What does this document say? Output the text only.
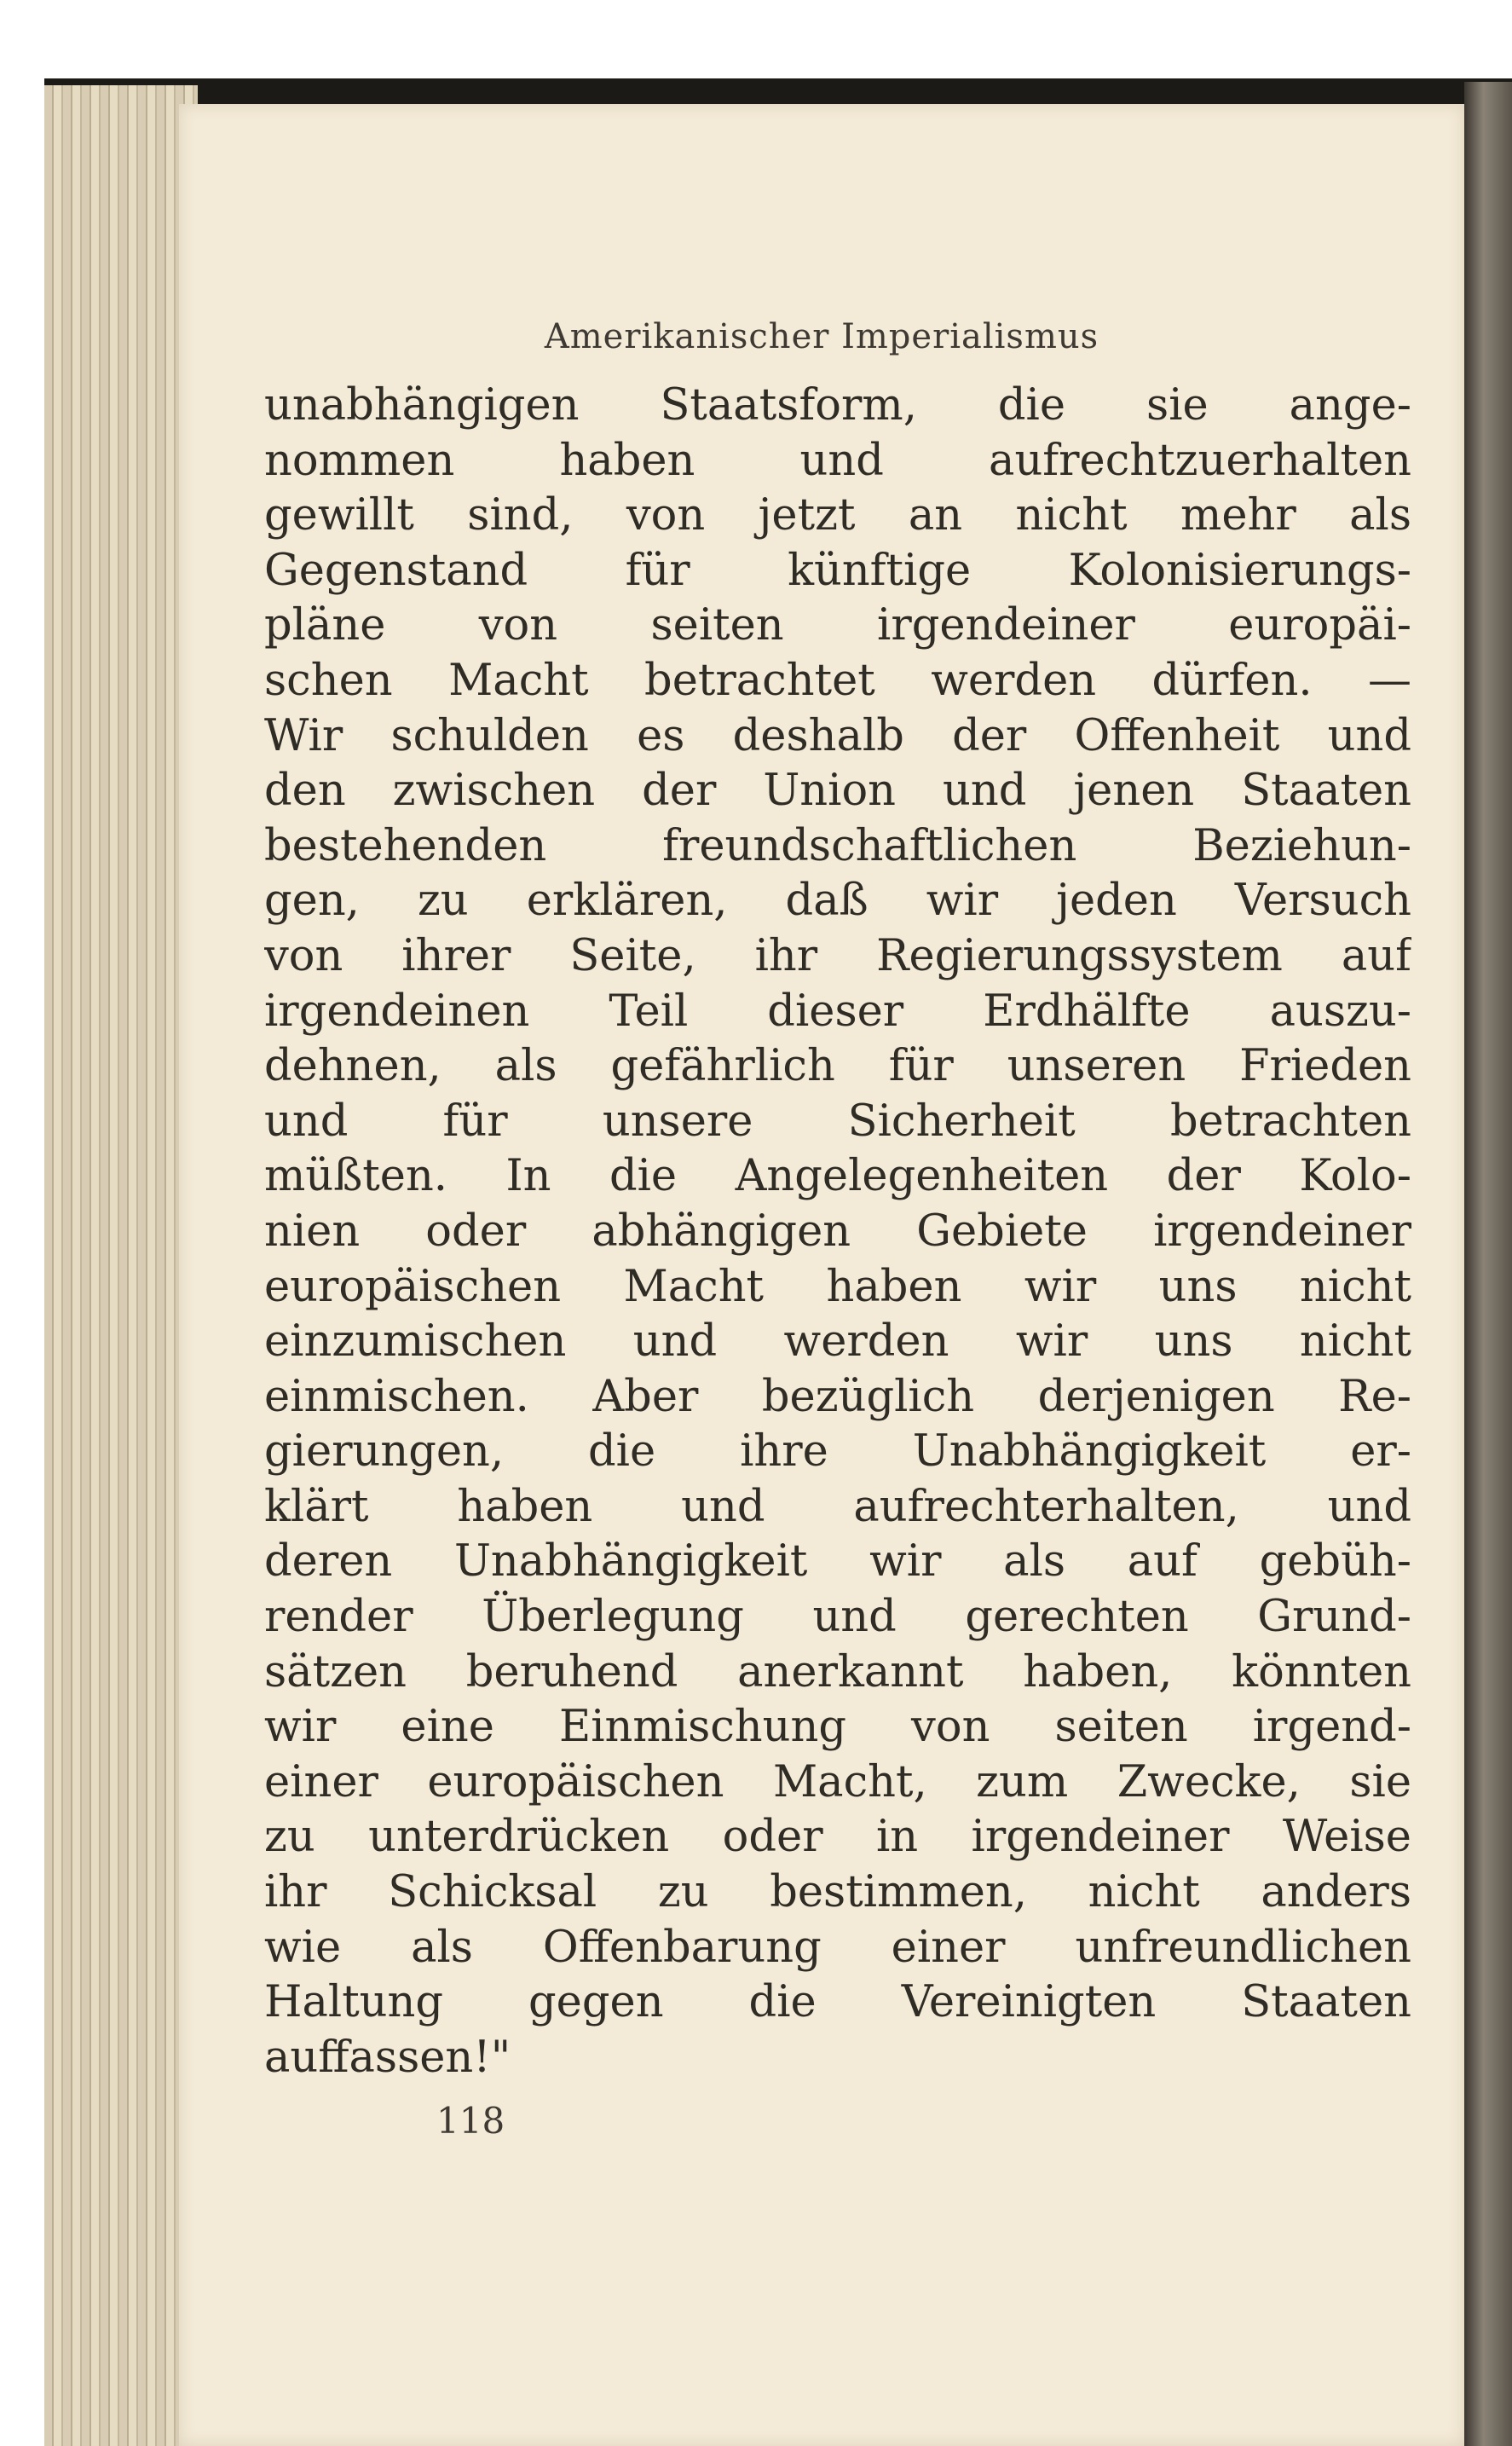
Amerikanischer Imperialismus
unabhängigen Staatsform, die sie ange-
nommen haben und aufrechtzuerhalten
gewillt sind, von jetzt an nicht mehr als
Gegenstand für künftige Kolonisierungs-
pläne von seiten irgendeiner europäi-
schen Macht betrachtet werden dürfen. —
Wir schulden es deshalb der Offenheit und
den zwischen der Union und jenen Staaten
bestehenden freundschaftlichen Beziehun-
gen, zu erklären, daß wir jeden Versuch
von ihrer Seite, ihr Regierungssystem auf
irgendeinen Teil dieser Erdhälfte auszu-
dehnen, als gefährlich für unseren Frieden
und für unsere Sicherheit betrachten
müßten. In die Angelegenheiten der Kolo-
nien oder abhängigen Gebiete irgendeiner
europäischen Macht haben wir uns nicht
einzumischen und werden wir uns nicht
einmischen. Aber bezüglich derjenigen Re-
gierungen, die ihre Unabhängigkeit er-
klärt haben und aufrechterhalten, und
deren Unabhängigkeit wir als auf gebüh-
render Überlegung und gerechten Grund-
sätzen beruhend anerkannt haben, könnten
wir eine Einmischung von seiten irgend-
einer europäischen Macht, zum Zwecke, sie
zu unterdrücken oder in irgendeiner Weise
ihr Schicksal zu bestimmen, nicht anders
wie als Offenbarung einer unfreundlichen
Haltung gegen die Vereinigten Staaten
auffassen!"
118
